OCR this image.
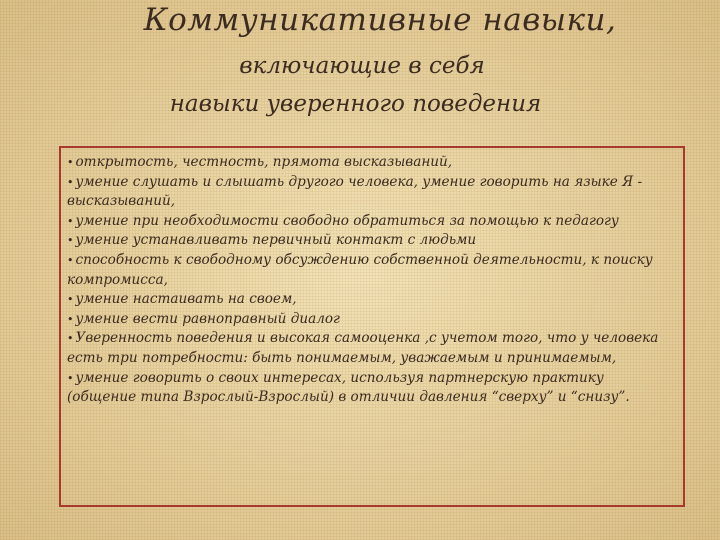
Коммуникативные навыки,
включающие в себя
навыки уверенного поведения
• открытость, честность, прямота высказываний,
• умение слушать и слышать другого человека, умение говорить на языке Я - высказываний,
• умение при необходимости свободно обратиться за помощью к педагогу
• умение устанавливать первичный контакт с людьми
• способность к свободному обсуждению собственной деятельности, к поиску компромисса,
• умение настаивать на своем,
• умение вести равноправный диалог
• Уверенность поведения и высокая самооценка ,с учетом того, что у человека есть три потребности: быть понимаемым, уважаемым и принимаемым,
• умение говорить о своих интересах, используя партнерскую практику (общение типа Взрослый-Взрослый) в отличии давления “сверху” и “снизу”.
